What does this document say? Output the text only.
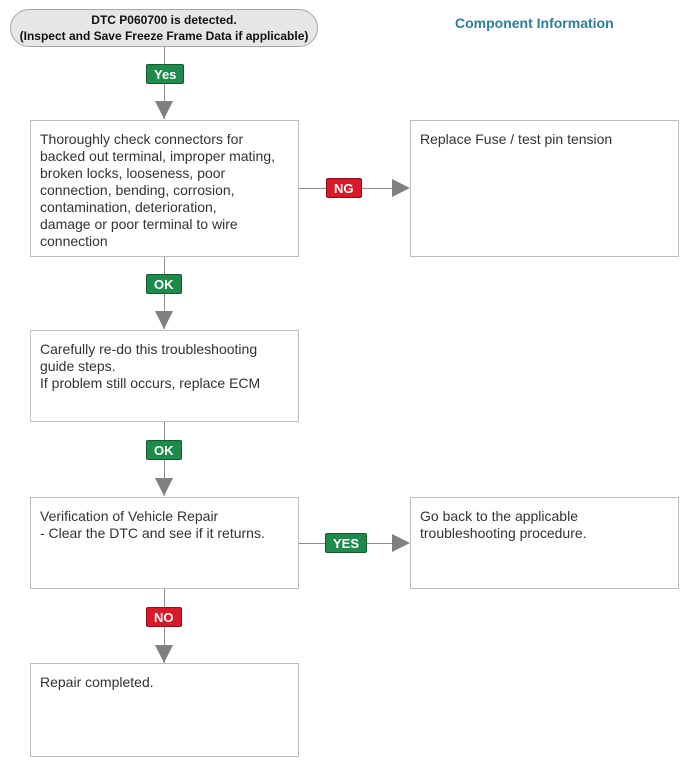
DTC P060700 is detected.
(Inspect and Save Freeze Frame Data if applicable)
Component Information
Yes
Thoroughly check connectors for
backed out terminal, improper mating,
broken locks, looseness, poor
connection, bending, corrosion,
contamination, deterioration,
damage or poor terminal to wire
connection
NG
Replace Fuse / test pin tension
OK
Carefully re-do this troubleshooting
guide steps.
If problem still occurs, replace ECM
OK
Verification of Vehicle Repair
- Clear the DTC and see if it returns.
YES
Go back to the applicable
troubleshooting procedure.
NO
Repair completed.
